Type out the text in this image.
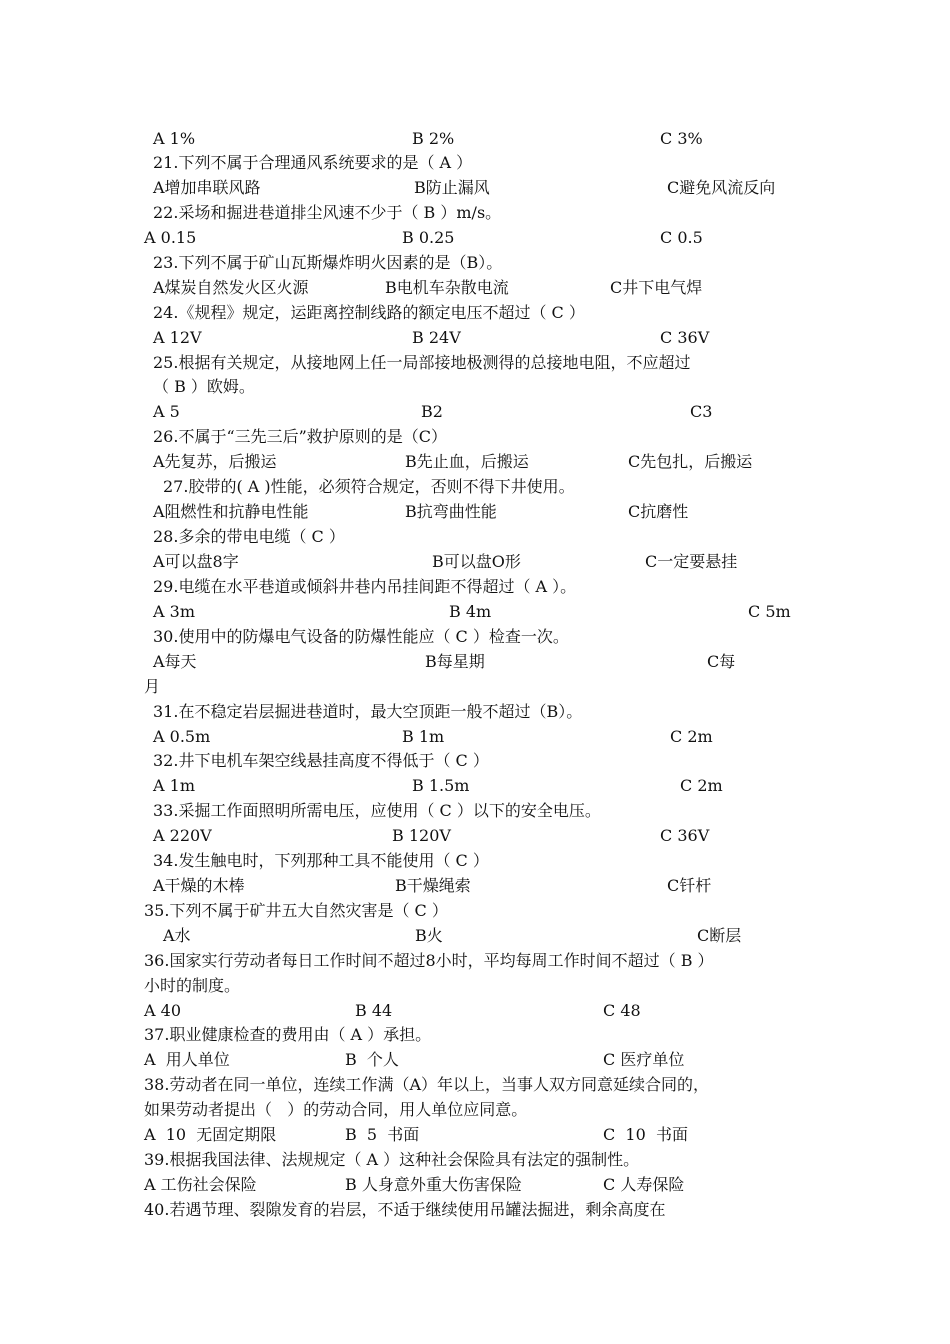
A 1%	B 2%	C 3%
21.下列不属于合理通风系统要求的是（ A ）
A增加串联风路	B防止漏风	C避免风流反向
22.采场和掘进巷道排尘风速不少于（ B ）m/s。
A 0.15	B 0.25	C 0.5
23.下列不属于矿山瓦斯爆炸明火因素的是（B）。
A煤炭自然发火区火源	B电机车杂散电流	C井下电气焊
24.《规程》规定，运距离控制线路的额定电压不超过（ C ）
A 12V	B 24V	C 36V
25.根据有关规定，从接地网上任一局部接地极测得的总接地电阻，不应超过
（ B ）欧姆。
A 5	B2	C3
26.不属于“三先三后”救护原则的是（C）
A先复苏，后搬运	B先止血，后搬运	C先包扎，后搬运
27.胶带的( A )性能，必须符合规定，否则不得下井使用。
A阻燃性和抗静电性能	B抗弯曲性能	C抗磨性
28.多余的带电电缆（ C ）
A可以盘8字	B可以盘O形	C一定要悬挂
29.电缆在水平巷道或倾斜井巷内吊挂间距不得超过（ A ）。
A 3m	B 4m	C 5m
30.使用中的防爆电气设备的防爆性能应（ C ）检查一次。
A每天	B每星期	C每
月
31.在不稳定岩层掘进巷道时，最大空顶距一般不超过（B）。
A 0.5m	B 1m	C 2m
32.井下电机车架空线悬挂高度不得低于（ C ）
A 1m	B 1.5m	C 2m
33.采掘工作面照明所需电压，应使用（ C ）以下的安全电压。
A 220V	B 120V	C 36V
34.发生触电时，下列那种工具不能使用（ C ）
A干燥的木棒	B干燥绳索	C钎杆
35.下列不属于矿井五大自然灾害是（ C ）
A水	B火	C断层
36.国家实行劳动者每日工作时间不超过8小时，平均每周工作时间不超过（ B ）
小时的制度。
A 40	B 44	C 48
37.职业健康检查的费用由（ A ）承担。
A  用人单位	B  个人	C 医疗单位
38.劳动者在同一单位，连续工作满（A）年以上，当事人双方同意延续合同的，
如果劳动者提出（   ）的劳动合同，用人单位应同意。
A  10  无固定期限	B  5  书面	C  10  书面
39.根据我国法律、法规规定（ A ）这种社会保险具有法定的强制性。
A 工伤社会保险	B 人身意外重大伤害保险	C 人寿保险
40.若遇节理、裂隙发育的岩层，不适于继续使用吊罐法掘进，剩余高度在
